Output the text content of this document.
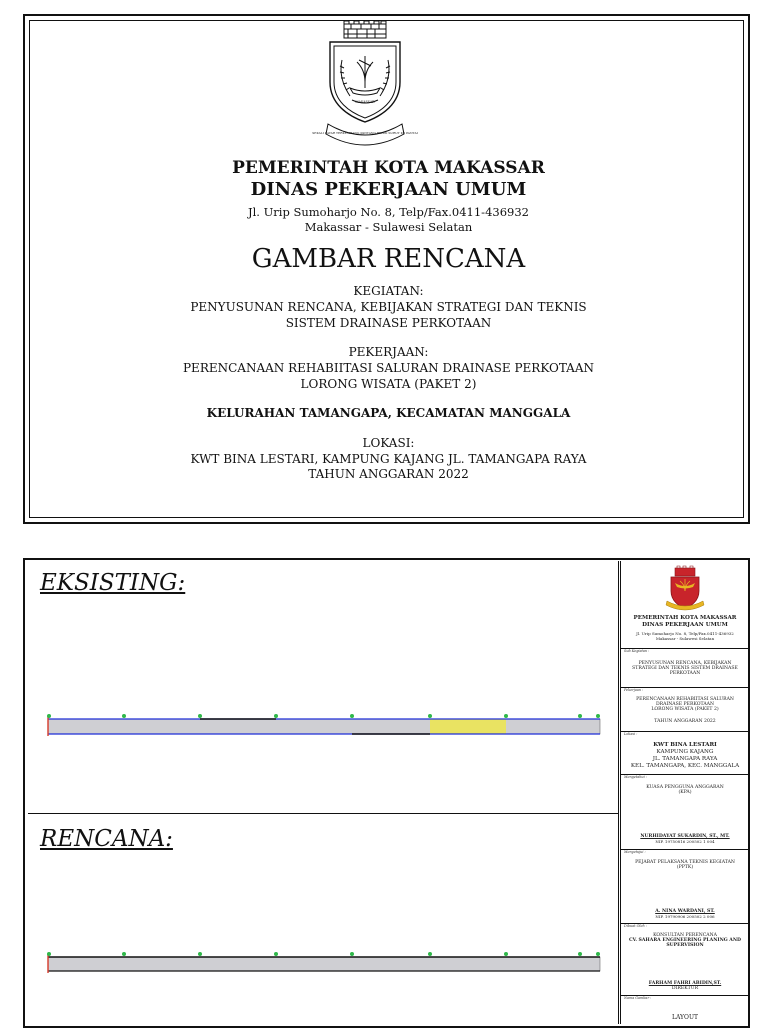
MAKASSAR
SEKALI LAYAR TERKEMBANG PANTANG BIDUK SURUT KE PANTAI
PEMERINTAH KOTA MAKASSAR
DINAS PEKERJAAN UMUM
Jl. Urip Sumoharjo No. 8, Telp/Fax.0411-436932
Makassar - Sulawesi Selatan
GAMBAR RENCANA
KEGIATAN:
PENYUSUNAN RENCANA, KEBIJAKAN STRATEGI DAN TEKNIS
SISTEM DRAINASE PERKOTAAN
PEKERJAAN:
PERENCANAAN REHABIITASI SALURAN DRAINASE PERKOTAAN
LORONG WISATA (PAKET 2)
KELURAHAN TAMANGAPA, KECAMATAN MANGGALA
LOKASI:
KWT BINA LESTARI, KAMPUNG KAJANG JL. TAMANGAPA RAYA
TAHUN ANGGARAN 2022
EKSISTING:
RENCANA:
PEMERINTAH KOTA MAKASSAR
DINAS PEKERJAAN UMUM
Jl. Urip Sumoharjo No. 8, Telp/Fax.0411-436932
Makassar - Sulawesi Selatan
Sub Kegiatan :
PENYUSUNAN RENCANA, KEBIJAKAN
STRATEGI DAN TEKNIS SISTEM DRAINASE
PERKOTAAN
Pekerjaan :
PERENCANAAN REHABIITASI SALURAN
DRAINASE PERKOTAAN
LORONG WISATA (PAKET 2)
TAHUN ANGGARAN 2022
Lokasi :
KWT BINA LESTARI
KAMPUNG KAJANG
JL. TAMANGAPA RAYA
KEL. TAMANGAPA, KEC. MANGGALA
Mengetahui :
KUASA PENGGUNA ANGGARAN
(KPA)
NURHIDAYAT SUKARDIN, ST., MT.
NIP. 19750816 200502 1 004
Menyetujui :
PEJABAT PELAKSANA TEKNIS KEGIATAN
(PPTK)
A. NINA WARDANI, ST.
NIP. 19790906 200502 2 006
Dibuat Oleh :
KONSULTAN PERENCANA
CV. SAHARA ENGINEERING PLANING AND
SUPERVISION
FARHAM FAHRI ABIDIN,ST.
DIREKTUR
Nama Gambar :
LAYOUT
